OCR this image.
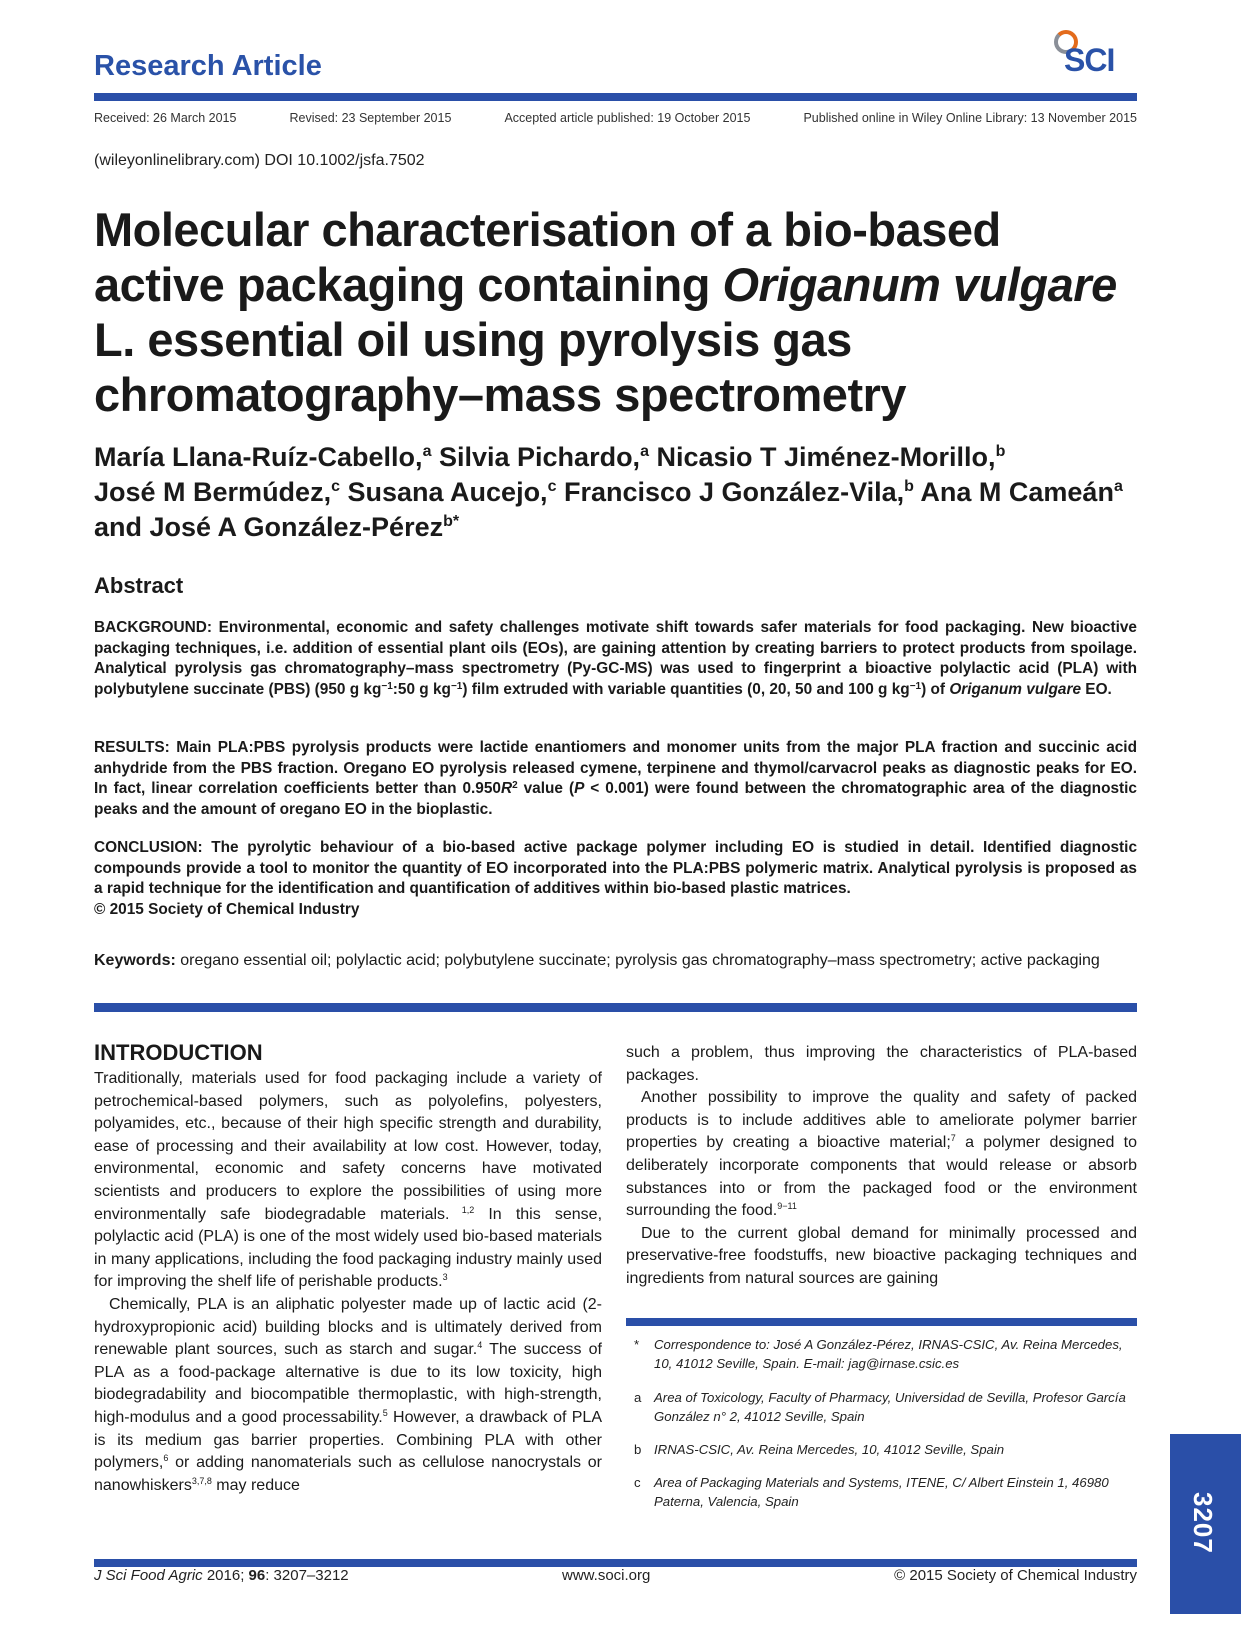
Research Article	SCI
Received: 26 March 2015	Revised: 23 September 2015	Accepted article published: 19 October 2015	Published online in Wiley Online Library: 13 November 2015
(wileyonlinelibrary.com) DOI 10.1002/jsfa.7502
Molecular characterisation of a bio-based
active packaging containing Origanum vulgare
L. essential oil using pyrolysis gas
chromatography–mass spectrometry
María Llana-Ruíz-Cabello,$^a$ Silvia Pichardo,$^a$ Nicasio T Jiménez-Morillo,$^b$
José M Bermúdez,$^c$ Susana Aucejo,$^c$ Francisco J González-Vila,$^b$ Ana M Cameán$^a$ and José A González-Pérez$^{b*}$
Abstract
BACKGROUND: Environmental, economic and safety challenges motivate shift towards safer materials for food packaging. New bioactive packaging techniques, i.e. addition of essential plant oils (EOs), are gaining attention by creating barriers to protect products from spoilage. Analytical pyrolysis gas chromatography–mass spectrometry (Py-GC-MS) was used to fingerprint a bioactive polylactic acid (PLA) with polybutylene succinate (PBS) (950 g $kg^{-1}:50$ g $kg^{-1}$) film extruded with variable quantities (0, 20, 50 and 100 g $kg^{-1}$) of Origanum vulgare EO.
RESULTS: Main PLA:PBS pyrolysis products were lactide enantiomers and monomer units from the major PLA fraction and succinic acid anhydride from the PBS fraction. Oregano EO pyrolysis released cymene, terpinene and thymol/carvacrol peaks as diagnostic peaks for EO. In fact, linear correlation coefficients better than $0.950R^2$ value (P < 0.001) were found between the chromatographic area of the diagnostic peaks and the amount of oregano EO in the bioplastic.
CONCLUSION: The pyrolytic behaviour of a bio-based active package polymer including EO is studied in detail. Identified diagnostic compounds provide a tool to monitor the quantity of EO incorporated into the PLA:PBS polymeric matrix. Analytical pyrolysis is proposed as a rapid technique for the identification and quantification of additives within bio-based plastic matrices.
© 2015 Society of Chemical Industry
Keywords: oregano essential oil; polylactic acid; polybutylene succinate; pyrolysis gas chromatography–mass spectrometry; active packaging
INTRODUCTION

Traditionally, materials used for food packaging include a variety of petrochemical-based polymers, such as polyolefins, polyesters, polyamides, etc., because of their high specific strength and durability, ease of processing and their availability at low cost. However, today, environmental, economic and safety concerns have motivated scientists and producers to explore the possibilities of using more environmentally safe biodegradable materials. $^{1,2}$ In this sense, polylactic acid (PLA) is one of the most widely used bio-based materials in many applications, including the food packaging industry mainly used for improving the shelf life of perishable products.$^3$

Chemically, PLA is an aliphatic polyester made up of lactic acid (2-hydroxypropionic acid) building blocks and is ultimately derived from renewable plant sources, such as starch and sugar.$^4$ The success of PLA as a food-package alternative is due to its low toxicity, high biodegradability and biocompatible thermoplastic, with high-strength, high-modulus and a good processability.$^5$ However, a drawback of PLA is its medium gas barrier properties. Combining PLA with other polymers,$^6$ or adding nanomaterials such as cellulose nanocrystals or nanowhiskers$^{3,7,8}$ may reduce

such a problem, thus improving the characteristics of PLA-based packages.

Another possibility to improve the quality and safety of packed products is to include additives able to ameliorate polymer barrier properties by creating a bioactive material;$^7$ a polymer designed to deliberately incorporate components that would release or absorb substances into or from the packaged food or the environment surrounding the food.$^{9-11}$

Due to the current global demand for minimally processed and preservative-free foodstuffs, new bioactive packaging techniques and ingredients from natural sources are gaining

* Correspondence to: José A González-Pérez, IRNAS-CSIC, Av. Reina Mercedes, 10, 41012 Seville, Spain. E-mail: jag@irnase.csic.es
a Area of Toxicology, Faculty of Pharmacy, Universidad de Sevilla, Profesor García González n° 2, 41012 Seville, Spain
b IRNAS-CSIC, Av. Reina Mercedes, 10, 41012 Seville, Spain
c Area of Packaging Materials and Systems, ITENE, C/ Albert Einstein 1, 46980 Paterna, Valencia, Spain	3207
J Sci Food Agric 2016; 96: 3207–3212	www.soci.org	© 2015 Society of Chemical Industry
